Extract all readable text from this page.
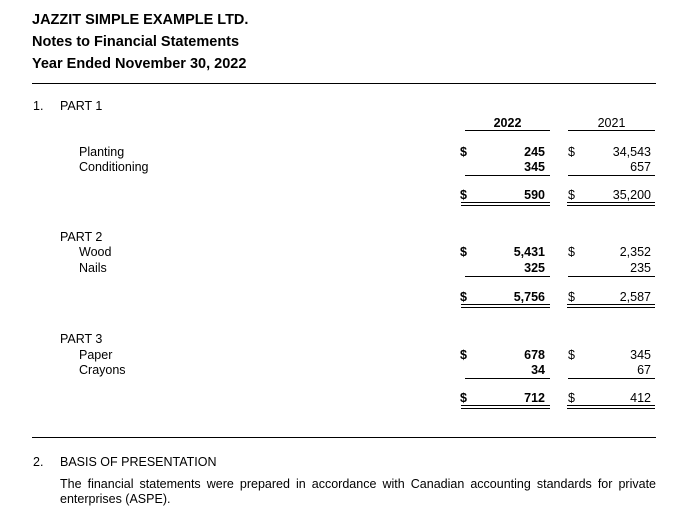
JAZZIT SIMPLE EXAMPLE LTD.
Notes to Financial Statements
Year Ended November 30, 2022
1. PART 1
2022	2021
Planting	$	245 $	34,543
Conditioning	345	657
$	590 $	35,200
PART 2
Wood	$	5,431 $	2,352
Nails	325	235
$	5,756 $	2,587
PART 3
Paper	$	678 $	345
Crayons	34	67
$	712 $	412
2. BASIS OF PRESENTATION
The financial statements were prepared in accordance with Canadian accounting standards for private enterprises (ASPE).
